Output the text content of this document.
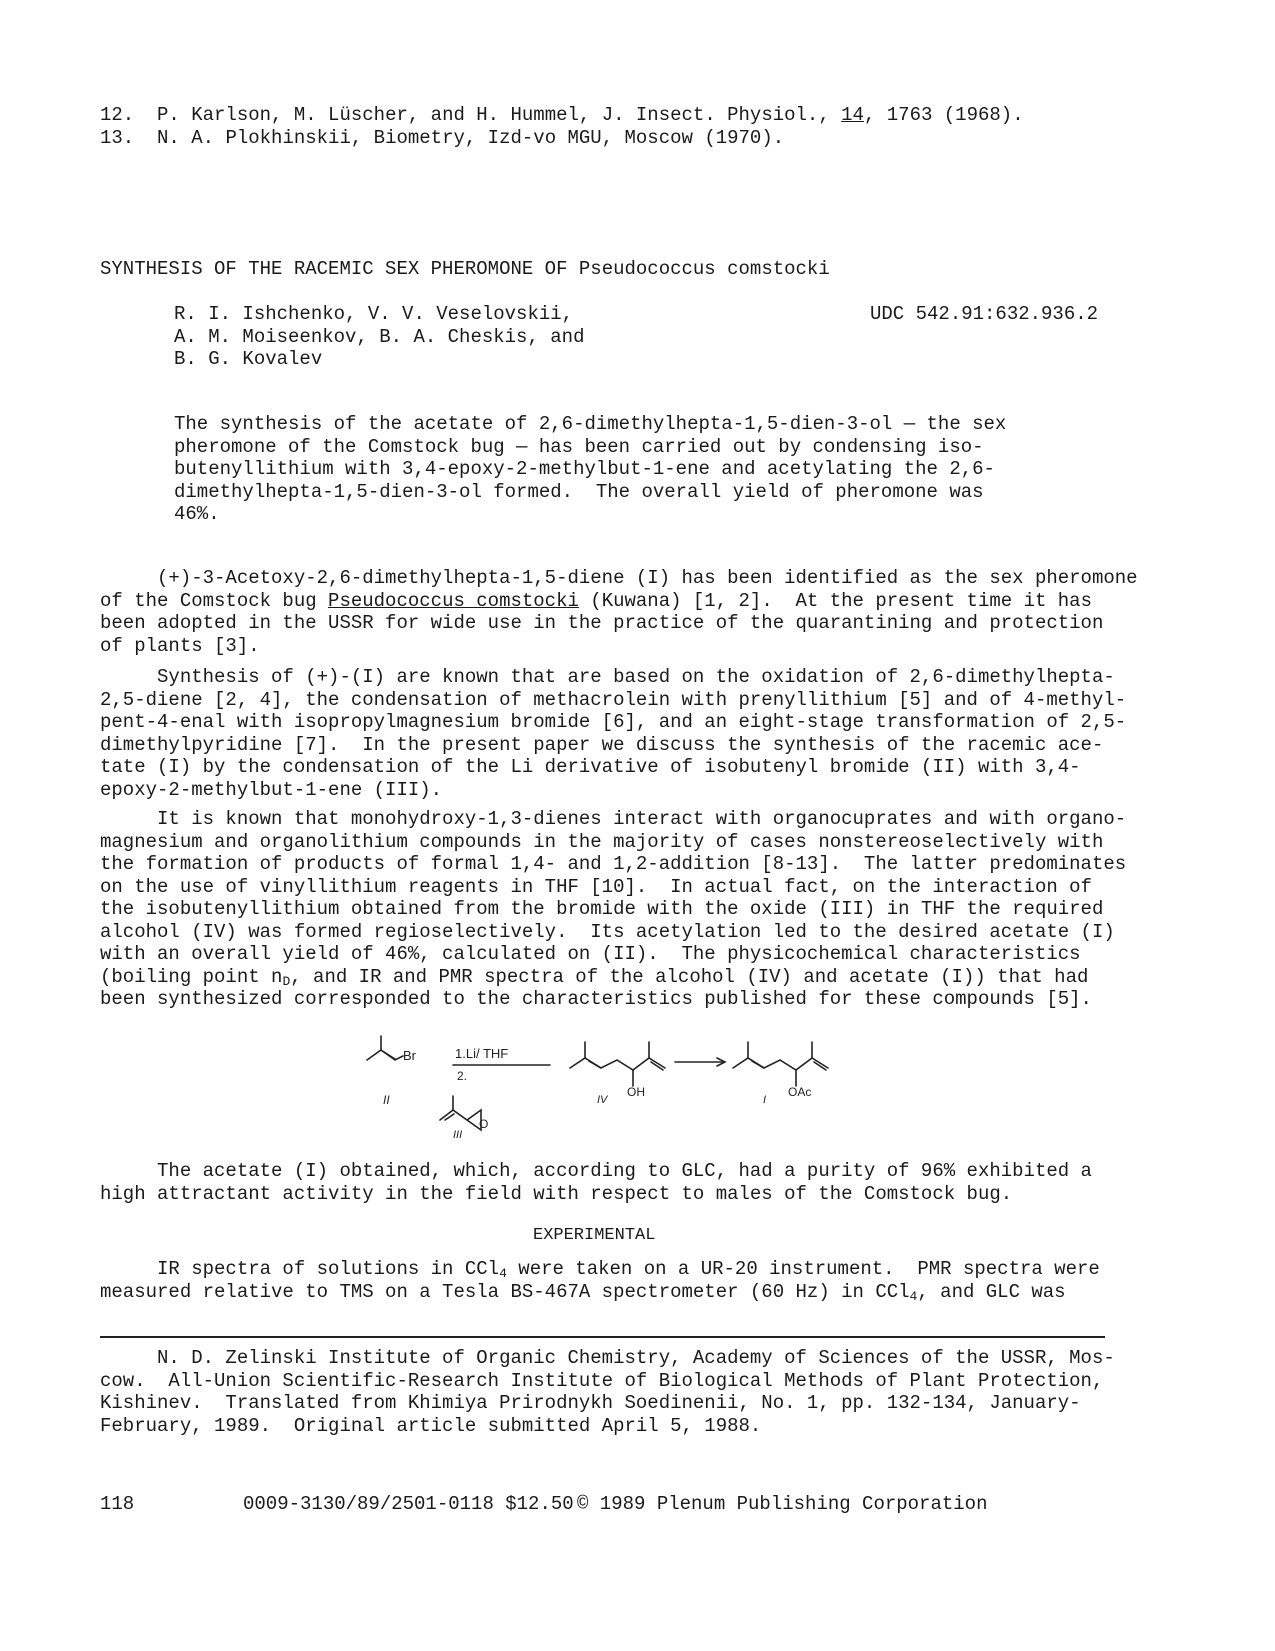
12. P. Karlson, M. Lüscher, and H. Hummel, J. Insect. Physiol., 14, 1763 (1968).
13. N. A. Plokhinskii, Biometry, Izd-vo MGU, Moscow (1970).
SYNTHESIS OF THE RACEMIC SEX PHEROMONE OF Pseudococcus comstocki
R. I. Ishchenko, V. V. Veselovskii,
A. M. Moiseenkov, B. A. Cheskis, and
B. G. Kovalev
UDC 542.91:632.936.2
The synthesis of the acetate of 2,6-dimethylhepta-1,5-dien-3-ol — the sex
pheromone of the Comstock bug — has been carried out by condensing iso-
butenyllithium with 3,4-epoxy-2-methylbut-1-ene and acetylating the 2,6-
dimethylhepta-1,5-dien-3-ol formed.  The overall yield of pheromone was
46%.
(+)-3-Acetoxy-2,6-dimethylhepta-1,5-diene (I) has been identified as the sex pheromone
of the Comstock bug Pseudococcus comstocki (Kuwana) [1, 2].  At the present time it has
been adopted in the USSR for wide use in the practice of the quarantining and protection
of plants [3].
Synthesis of (+)-(I) are known that are based on the oxidation of 2,6-dimethylhepta-
2,5-diene [2, 4], the condensation of methacrolein with prenyllithium [5] and of 4-methyl-
pent-4-enal with isopropylmagnesium bromide [6], and an eight-stage transformation of 2,5-
dimethylpyridine [7].  In the present paper we discuss the synthesis of the racemic ace-
tate (I) by the condensation of the Li derivative of isobutenyl bromide (II) with 3,4-
epoxy-2-methylbut-1-ene (III).
It is known that monohydroxy-1,3-dienes interact with organocuprates and with organo-
magnesium and organolithium compounds in the majority of cases nonstereoselectively with
the formation of products of formal 1,4- and 1,2-addition [8-13].  The latter predominates
on the use of vinyllithium reagents in THF [10].  In actual fact, on the interaction of
the isobutenyllithium obtained from the bromide with the oxide (III) in THF the required
alcohol (IV) was formed regioselectively.  Its acetylation led to the desired acetate (I)
with an overall yield of 46%, calculated on (II).  The physicochemical characteristics
(boiling point $n_D$, and IR and PMR spectra of the alcohol (IV) and acetate (I)) that had
been synthesized corresponded to the characteristics published for these compounds [5].
Br	1.Li/ THF
2.
II
III
O
IV
OH
I
OAc
The acetate (I) obtained, which, according to GLC, had a purity of 96% exhibited a
high attractant activity in the field with respect to males of the Comstock bug.
EXPERIMENTAL
IR spectra of solutions in CCl$_4$ were taken on a UR-20 instrument.  PMR spectra were
measured relative to TMS on a Tesla BS-467A spectrometer (60 Hz) in CCl$_4$, and GLC was
N. D. Zelinski Institute of Organic Chemistry, Academy of Sciences of the USSR, Mos-
cow.  All-Union Scientific-Research Institute of Biological Methods of Plant Protection,
Kishinev.  Translated from Khimiya Prirodnykh Soedinenii, No. 1, pp. 132-134, January-
February, 1989.  Original article submitted April 5, 1988.
118	0009-3130/89/2501-0118 $12.50 © 1989 Plenum Publishing Corporation
